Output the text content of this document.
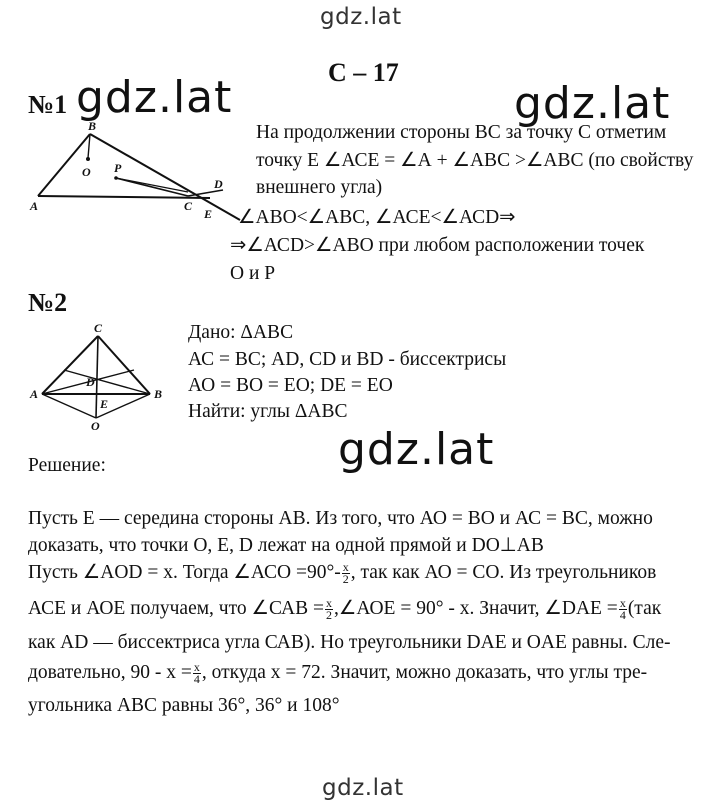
gdz.lat
gdz.lat
gdz.lat	gdz.lat
gdz.lat
С – 17
№1
A
B
C
D
E
O P
На продолжении стороны ВС за точку С отметим
точку Е ∠АСЕ = ∠А + ∠АВС >∠АВС (по свойству
внешнего угла)
∠АВО<∠АВС, ∠АСЕ<∠АСD⇒
⇒∠АСD>∠АВО при любом расположении точек
О и Р
№2
C
A	B
D
E
O
Дано: ΔАВС
АС = ВС; AD, CD и BD - биссектрисы
АО = ВО = ЕО; DE = EO
Найти: углы ΔАВС
Решение:
Пусть Е — середина стороны АВ. Из того, что АО = ВО и АС = ВС, можно
доказать, что точки О, Е, D лежат на одной прямой и DO⊥AB
Пусть ∠AOD = x. Тогда ∠АСО $=90^\circ- \frac{x}{2}$ , так как АО = СО. Из треугольников
АСЕ и АОЕ получаем, что ∠САВ = $\frac{x}{2}$ ,∠АОЕ = 90° - x. Значит, ∠DAE = $\frac{x}{4} (так$
как AD — биссектриса угла САВ). Но треугольники DAE и OAE равны. Сле-
довательно, $90 - x = \frac{x}{4}$ , откуда x = 72. Значит, можно доказать, что углы тре-
угольника АВС равны 36°, 36° и 108°
